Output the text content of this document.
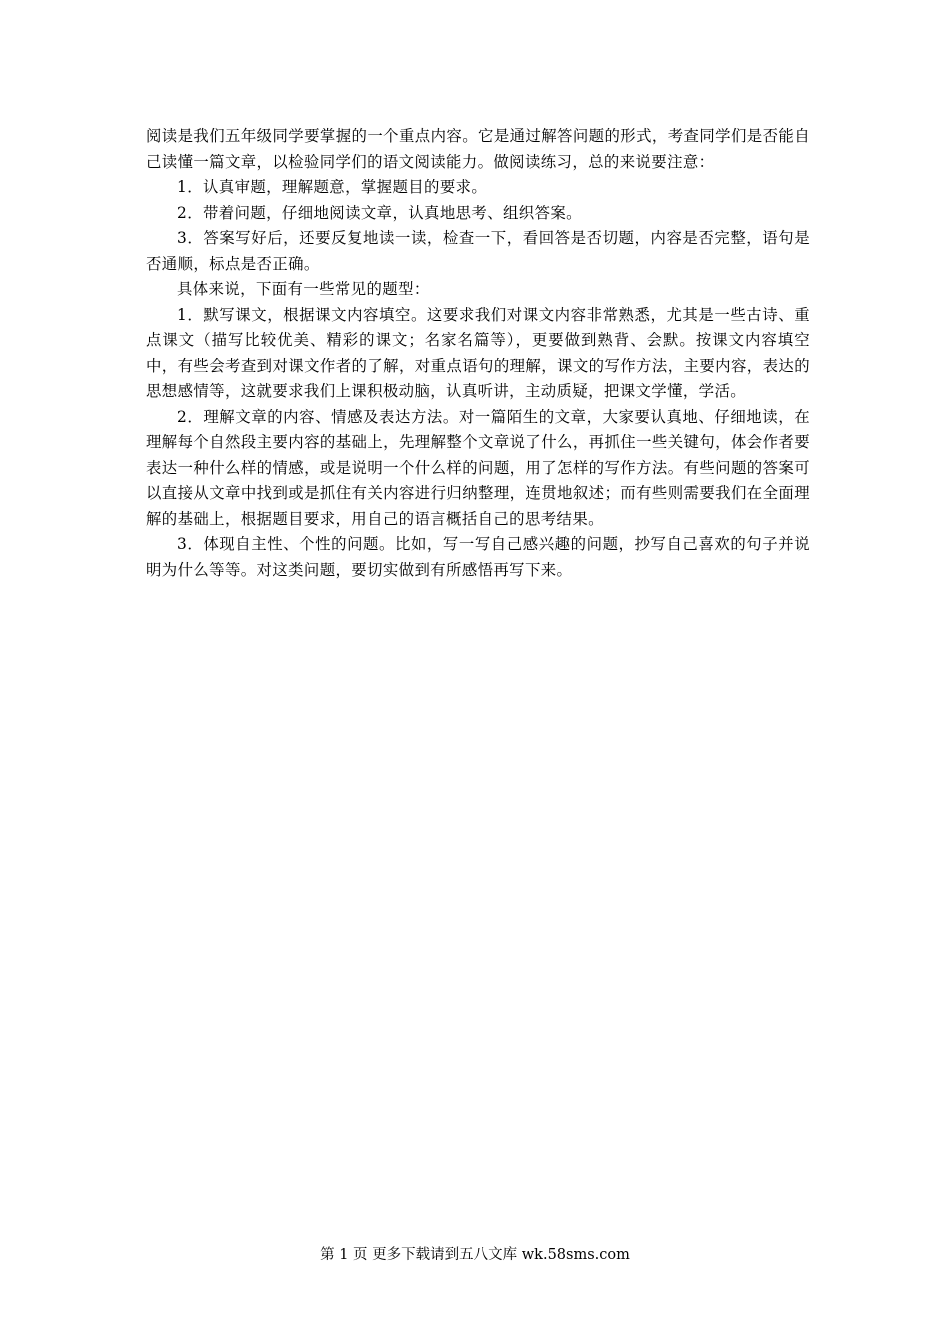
阅读是我们五年级同学要掌握的一个重点内容。它是通过解答问题的形式，考查同学们是否能自己读懂一篇文章，以检验同学们的语文阅读能力。做阅读练习，总的来说要注意：

1．认真审题，理解题意，掌握题目的要求。

2．带着问题，仔细地阅读文章，认真地思考、组织答案。

3．答案写好后，还要反复地读一读，检查一下，看回答是否切题，内容是否完整，语句是否通顺，标点是否正确。

具体来说，下面有一些常见的题型：

1．默写课文，根据课文内容填空。这要求我们对课文内容非常熟悉，尤其是一些古诗、重点课文（描写比较优美、精彩的课文；名家名篇等），更要做到熟背、会默。按课文内容填空中，有些会考查到对课文作者的了解，对重点语句的理解，课文的写作方法，主要内容，表达的思想感情等，这就要求我们上课积极动脑，认真听讲，主动质疑，把课文学懂，学活。

2．理解文章的内容、情感及表达方法。对一篇陌生的文章，大家要认真地、仔细地读，在理解每个自然段主要内容的基础上，先理解整个文章说了什么，再抓住一些关键句，体会作者要表达一种什么样的情感，或是说明一个什么样的问题，用了怎样的写作方法。有些问题的答案可以直接从文章中找到或是抓住有关内容进行归纳整理，连贯地叙述；而有些则需要我们在全面理解的基础上，根据题目要求，用自己的语言概括自己的思考结果。

3．体现自主性、个性的问题。比如，写一写自己感兴趣的问题，抄写自己喜欢的句子并说明为什么等等。对这类问题，要切实做到有所感悟再写下来。

第 1 页 更多下载请到五八文库 wk.58sms.com
